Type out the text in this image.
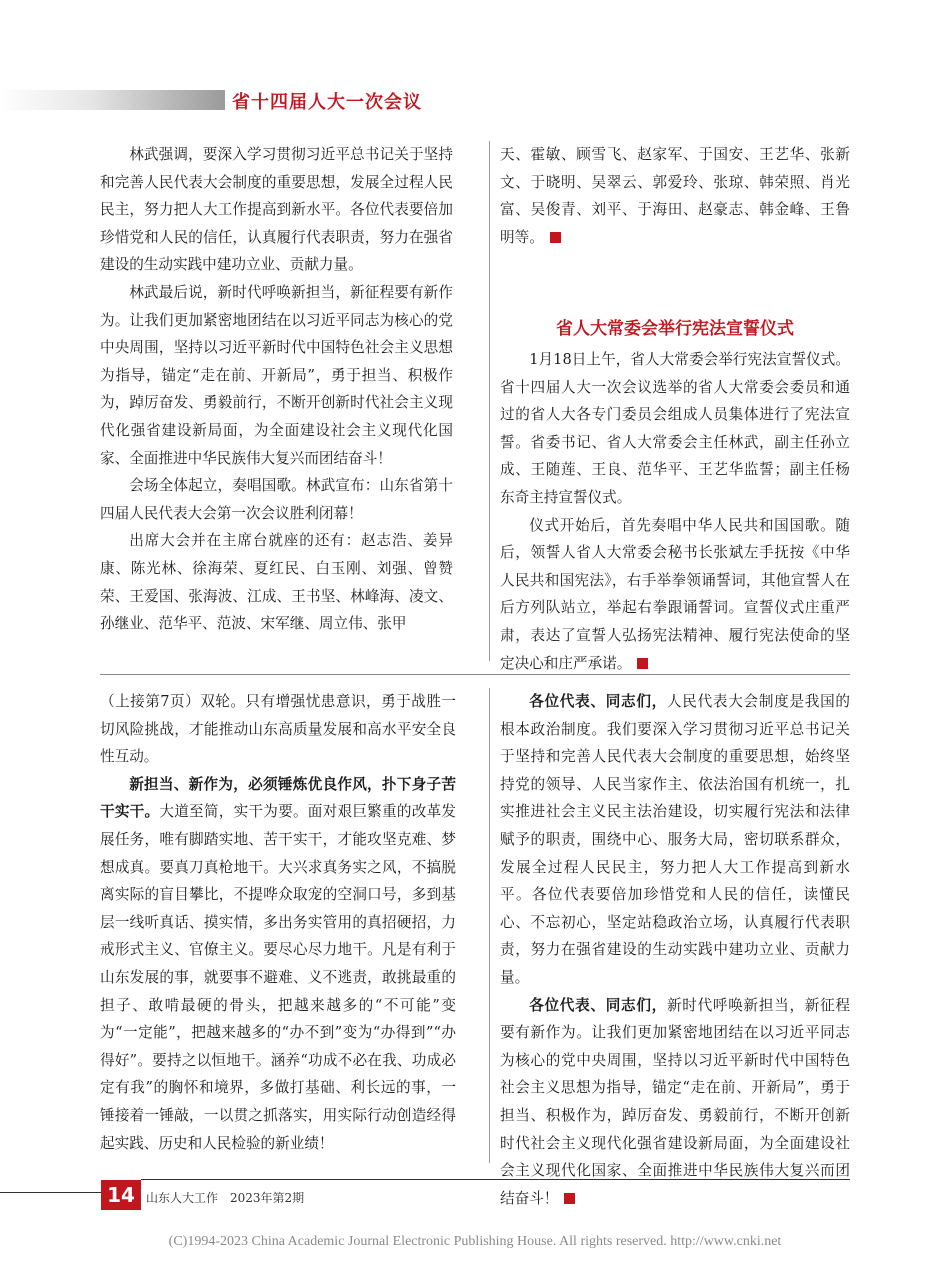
省十四届人大一次会议

林武强调，要深入学习贯彻习近平总书记关于坚持和完善人民代表大会制度的重要思想，发展全过程人民民主，努力把人大工作提高到新水平。各位代表要倍加珍惜党和人民的信任，认真履行代表职责，努力在强省建设的生动实践中建功立业、贡献力量。

林武最后说，新时代呼唤新担当，新征程要有新作为。让我们更加紧密地团结在以习近平同志为核心的党中央周围，坚持以习近平新时代中国特色社会主义思想为指导，锚定“走在前、开新局”，勇于担当、积极作为，踔厉奋发、勇毅前行，不断开创新时代社会主义现代化强省建设新局面，为全面建设社会主义现代化国家、全面推进中华民族伟大复兴而团结奋斗！

会场全体起立，奏唱国歌。林武宣布：山东省第十四届人民代表大会第一次会议胜利闭幕！

出席大会并在主席台就座的还有：赵志浩、姜异康、陈光林、徐海荣、夏红民、白玉刚、刘强、曾赞荣、王爱国、张海波、江成、王书坚、林峰海、凌文、孙继业、范华平、范波、宋军继、周立伟、张甲

天、霍敏、顾雪飞、赵家军、于国安、王艺华、张新文、于晓明、吴翠云、郭爱玲、张琼、韩荣照、肖光富、吴俊青、刘平、于海田、赵豪志、韩金峰、王鲁明等。

省人大常委会举行宪法宣誓仪式

1月18日上午，省人大常委会举行宪法宣誓仪式。省十四届人大一次会议选举的省人大常委会委员和通过的省人大各专门委员会组成人员集体进行了宪法宣誓。省委书记、省人大常委会主任林武，副主任孙立成、王随莲、王良、范华平、王艺华监誓；副主任杨东奇主持宣誓仪式。

仪式开始后，首先奏唱中华人民共和国国歌。随后，领誓人省人大常委会秘书长张斌左手抚按《中华人民共和国宪法》，右手举拳领诵誓词，其他宣誓人在后方列队站立，举起右拳跟诵誓词。宣誓仪式庄重严肃，表达了宣誓人弘扬宪法精神、履行宪法使命的坚定决心和庄严承诺。

（上接第7页）双轮。只有增强忧患意识，勇于战胜一切风险挑战，才能推动山东高质量发展和高水平安全良性互动。

新担当、新作为，必须锤炼优良作风，扑下身子苦干实干。大道至简，实干为要。面对艰巨繁重的改革发展任务，唯有脚踏实地、苦干实干，才能攻坚克难、梦想成真。要真刀真枪地干。大兴求真务实之风，不搞脱离实际的盲目攀比，不提哗众取宠的空洞口号，多到基层一线听真话、摸实情，多出务实管用的真招硬招，力戒形式主义、官僚主义。要尽心尽力地干。凡是有利于山东发展的事，就要事不避难、义不逃责，敢挑最重的担子、敢啃最硬的骨头，把越来越多的“不可能”变为“一定能”，把越来越多的“办不到”变为“办得到”“办得好”。要持之以恒地干。涵养“功成不必在我、功成必定有我”的胸怀和境界，多做打基础、利长远的事，一锤接着一锤敲，一以贯之抓落实，用实际行动创造经得起实践、历史和人民检验的新业绩！

各位代表、同志们，人民代表大会制度是我国的根本政治制度。我们要深入学习贯彻习近平总书记关于坚持和完善人民代表大会制度的重要思想，始终坚持党的领导、人民当家作主、依法治国有机统一，扎实推进社会主义民主法治建设，切实履行宪法和法律赋予的职责，围绕中心、服务大局，密切联系群众，发展全过程人民民主，努力把人大工作提高到新水平。各位代表要倍加珍惜党和人民的信任，读懂民心、不忘初心，坚定站稳政治立场，认真履行代表职责，努力在强省建设的生动实践中建功立业、贡献力量。

各位代表、同志们，新时代呼唤新担当，新征程要有新作为。让我们更加紧密地团结在以习近平同志为核心的党中央周围，坚持以习近平新时代中国特色社会主义思想为指导，锚定“走在前、开新局”，勇于担当、积极作为，踔厉奋发、勇毅前行，不断开创新时代社会主义现代化强省建设新局面，为全面建设社会主义现代化国家、全面推进中华民族伟大复兴而团结奋斗！

14 山东人大工作　2023年第2期
(C)1994-2023 China Academic Journal Electronic Publishing House. All rights reserved. http://www.cnki.net
